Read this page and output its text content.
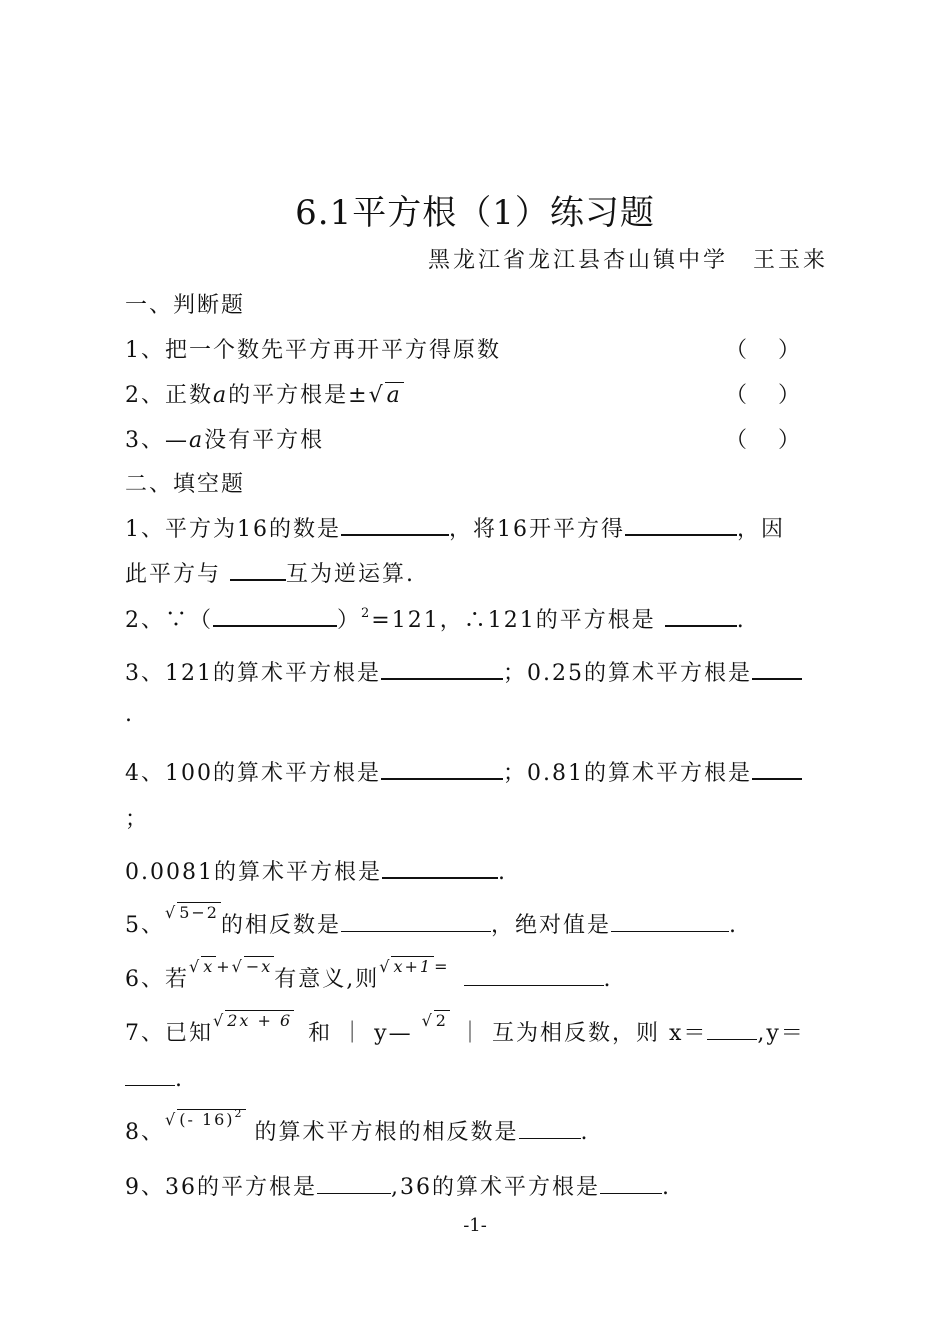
6.1平方根（1）练习题
黑龙江省龙江县杏山镇中学　王玉来
一、判断题
1、把一个数先平方再开平方得原数	（ ）
2、正数a的平方根是±√a	（ ）
3、—a没有平方根	（ ）
二、填空题
1、平方为16的数是	，将16开平方得	，因
此平方与	互为逆运算.
2、∵（	）$^2$=121，∴121的平方根是	.
3、121的算术平方根是	；0.25的算术平方根是
.
4、100的算术平方根是	；0.81的算术平方根是
；
0.0081的算术平方根是	.
5、√ 5−2的相反数是	，绝对值是	.
6、若√ x +√ −x有意义,则√ x+1 =.
7、已知√ 2x + 6和 ｜ y— √ 2 ｜ 互为相反数，则 x＝ ,y＝
.
8、√ (- 16)$^2$ 的算术平方根的相反数是	.
9、36的平方根是	,36的算术平方根是	.
-1-
